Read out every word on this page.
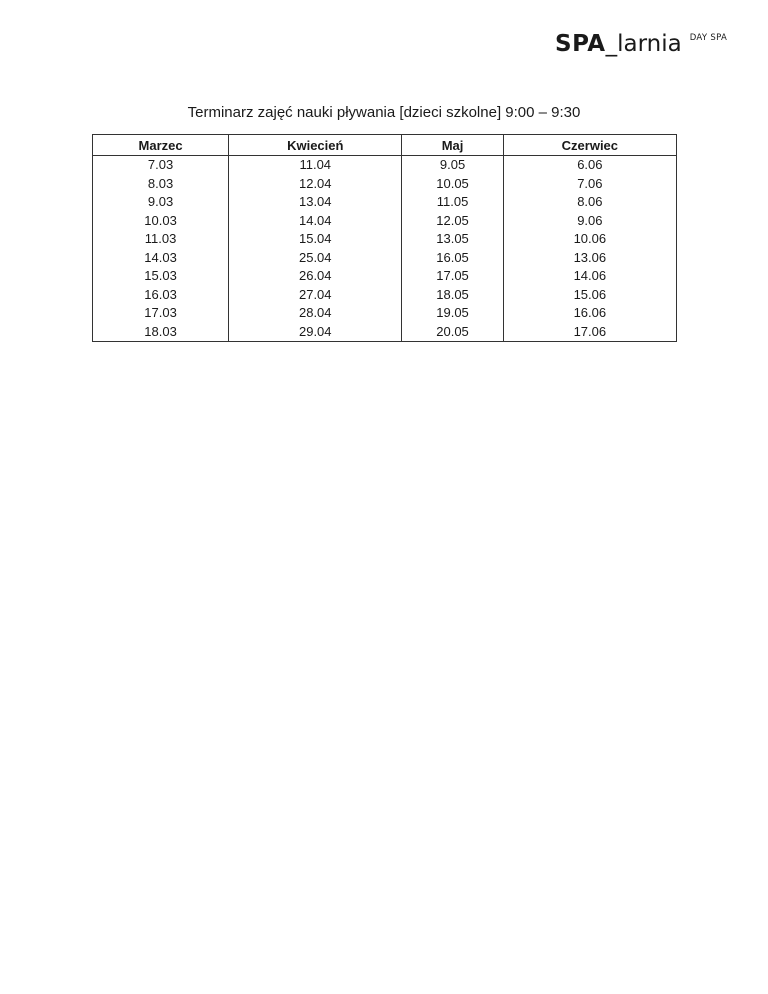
SPA _larnia DAY SPA
Terminarz zajęć nauki pływania [dzieci szkolne] 9:00 – 9:30
Marzec	Kwiecień	Maj	Czerwiec
7.03	11.04	9.05	6.06
8.03	12.04	10.05	7.06
9.03	13.04	11.05	8.06
10.03	14.04	12.05	9.06
11.03	15.04	13.05	10.06
14.03	25.04	16.05	13.06
15.03	26.04	17.05	14.06
16.03	27.04	18.05	15.06
17.03	28.04	19.05	16.06
18.03	29.04	20.05	17.06
